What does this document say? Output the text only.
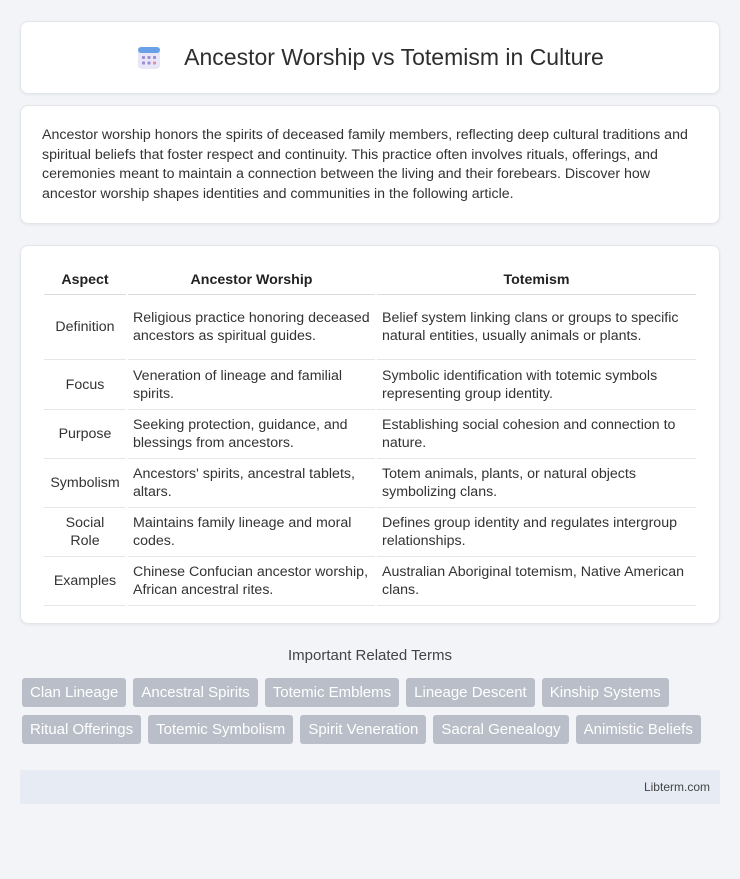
Ancestor Worship vs Totemism in Culture
Ancestor worship honors the spirits of deceased family members, reflecting deep cultural traditions and spiritual beliefs that foster respect and continuity. This practice often involves rituals, offerings, and ceremonies meant to maintain a connection between the living and their forebears. Discover how ancestor worship shapes identities and communities in the following article.
Aspect	Ancestor Worship	Totemism
Definition	Religious practice honoring deceased ancestors as spiritual guides.	Belief system linking clans or groups to specific natural entities, usually animals or plants.
Focus	Veneration of lineage and familial spirits.	Symbolic identification with totemic symbols representing group identity.
Purpose	Seeking protection, guidance, and blessings from ancestors.	Establishing social cohesion and connection to nature.
Symbolism	Ancestors' spirits, ancestral tablets, altars.	Totem animals, plants, or natural objects symbolizing clans.
Social Role	Maintains family lineage and moral codes.	Defines group identity and regulates intergroup relationships.
Examples	Chinese Confucian ancestor worship, African ancestral rites.	Australian Aboriginal totemism, Native American clans.
Important Related Terms
Clan Lineage	Ancestral Spirits	Totemic Emblems	Lineage Descent	Kinship Systems
Ritual Offerings	Totemic Symbolism	Spirit Veneration	Sacral Genealogy	Animistic Beliefs
Libterm.com
